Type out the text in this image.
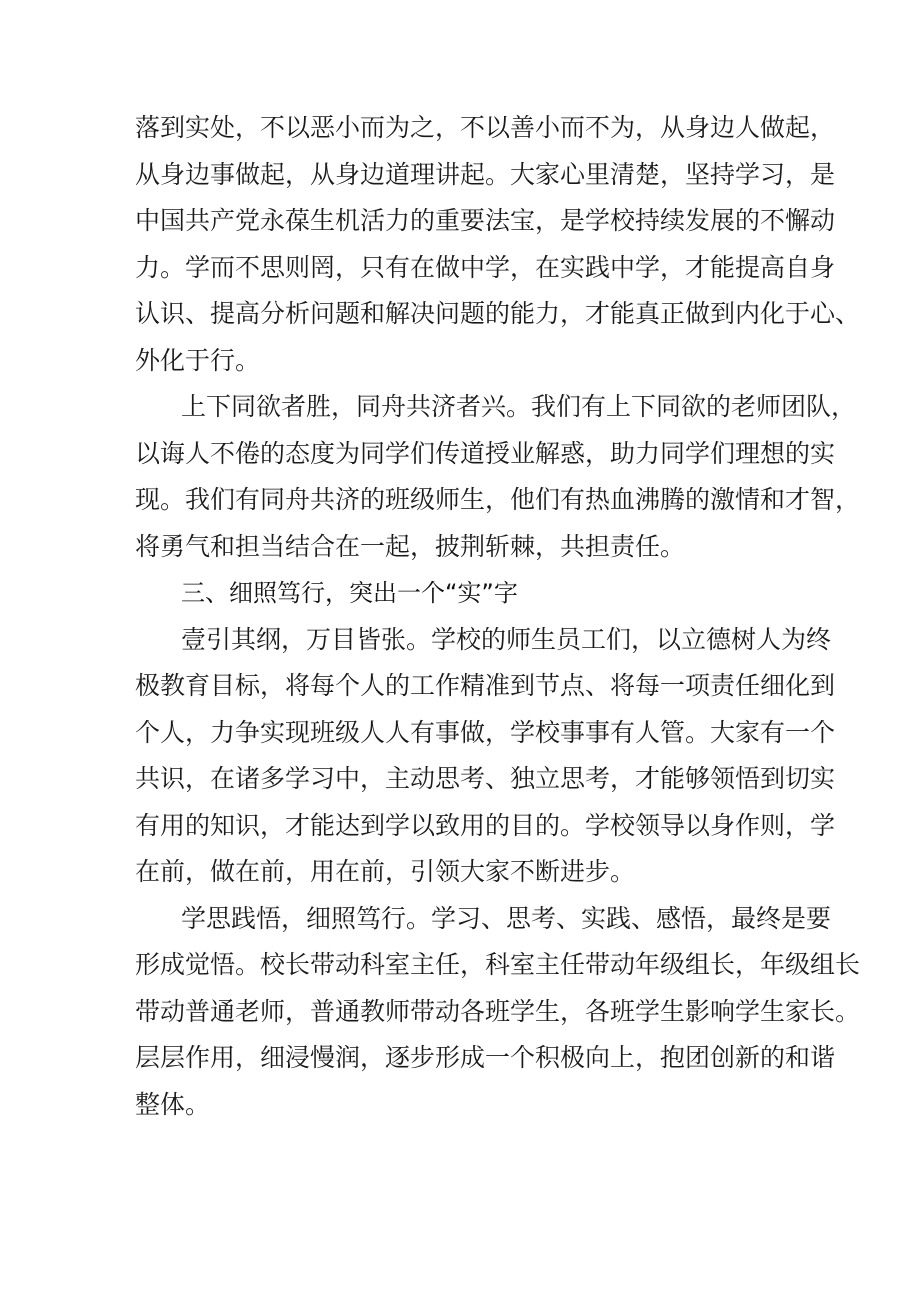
落到实处，不以恶小而为之，不以善小而不为，从身边人做起，
从身边事做起，从身边道理讲起。大家心里清楚，坚持学习，是
中国共产党永葆生机活力的重要法宝，是学校持续发展的不懈动
力。学而不思则罔，只有在做中学，在实践中学，才能提高自身
认识、提高分析问题和解决问题的能力，才能真正做到内化于心、
外化于行。
上下同欲者胜，同舟共济者兴。我们有上下同欲的老师团队，
以诲人不倦的态度为同学们传道授业解惑，助力同学们理想的实
现。我们有同舟共济的班级师生，他们有热血沸腾的激情和才智，
将勇气和担当结合在一起，披荆斩棘，共担责任。
三、细照笃行，突出一个“实”字
壹引其纲，万目皆张。学校的师生员工们，以立德树人为终
极教育目标，将每个人的工作精准到节点、将每一项责任细化到
个人，力争实现班级人人有事做，学校事事有人管。大家有一个
共识，在诸多学习中，主动思考、独立思考，才能够领悟到切实
有用的知识，才能达到学以致用的目的。学校领导以身作则，学
在前，做在前，用在前，引领大家不断进步。
学思践悟，细照笃行。学习、思考、实践、感悟，最终是要
形成觉悟。校长带动科室主任，科室主任带动年级组长，年级组长
带动普通老师，普通教师带动各班学生，各班学生影响学生家长。
层层作用，细浸慢润，逐步形成一个积极向上，抱团创新的和谐
整体。
